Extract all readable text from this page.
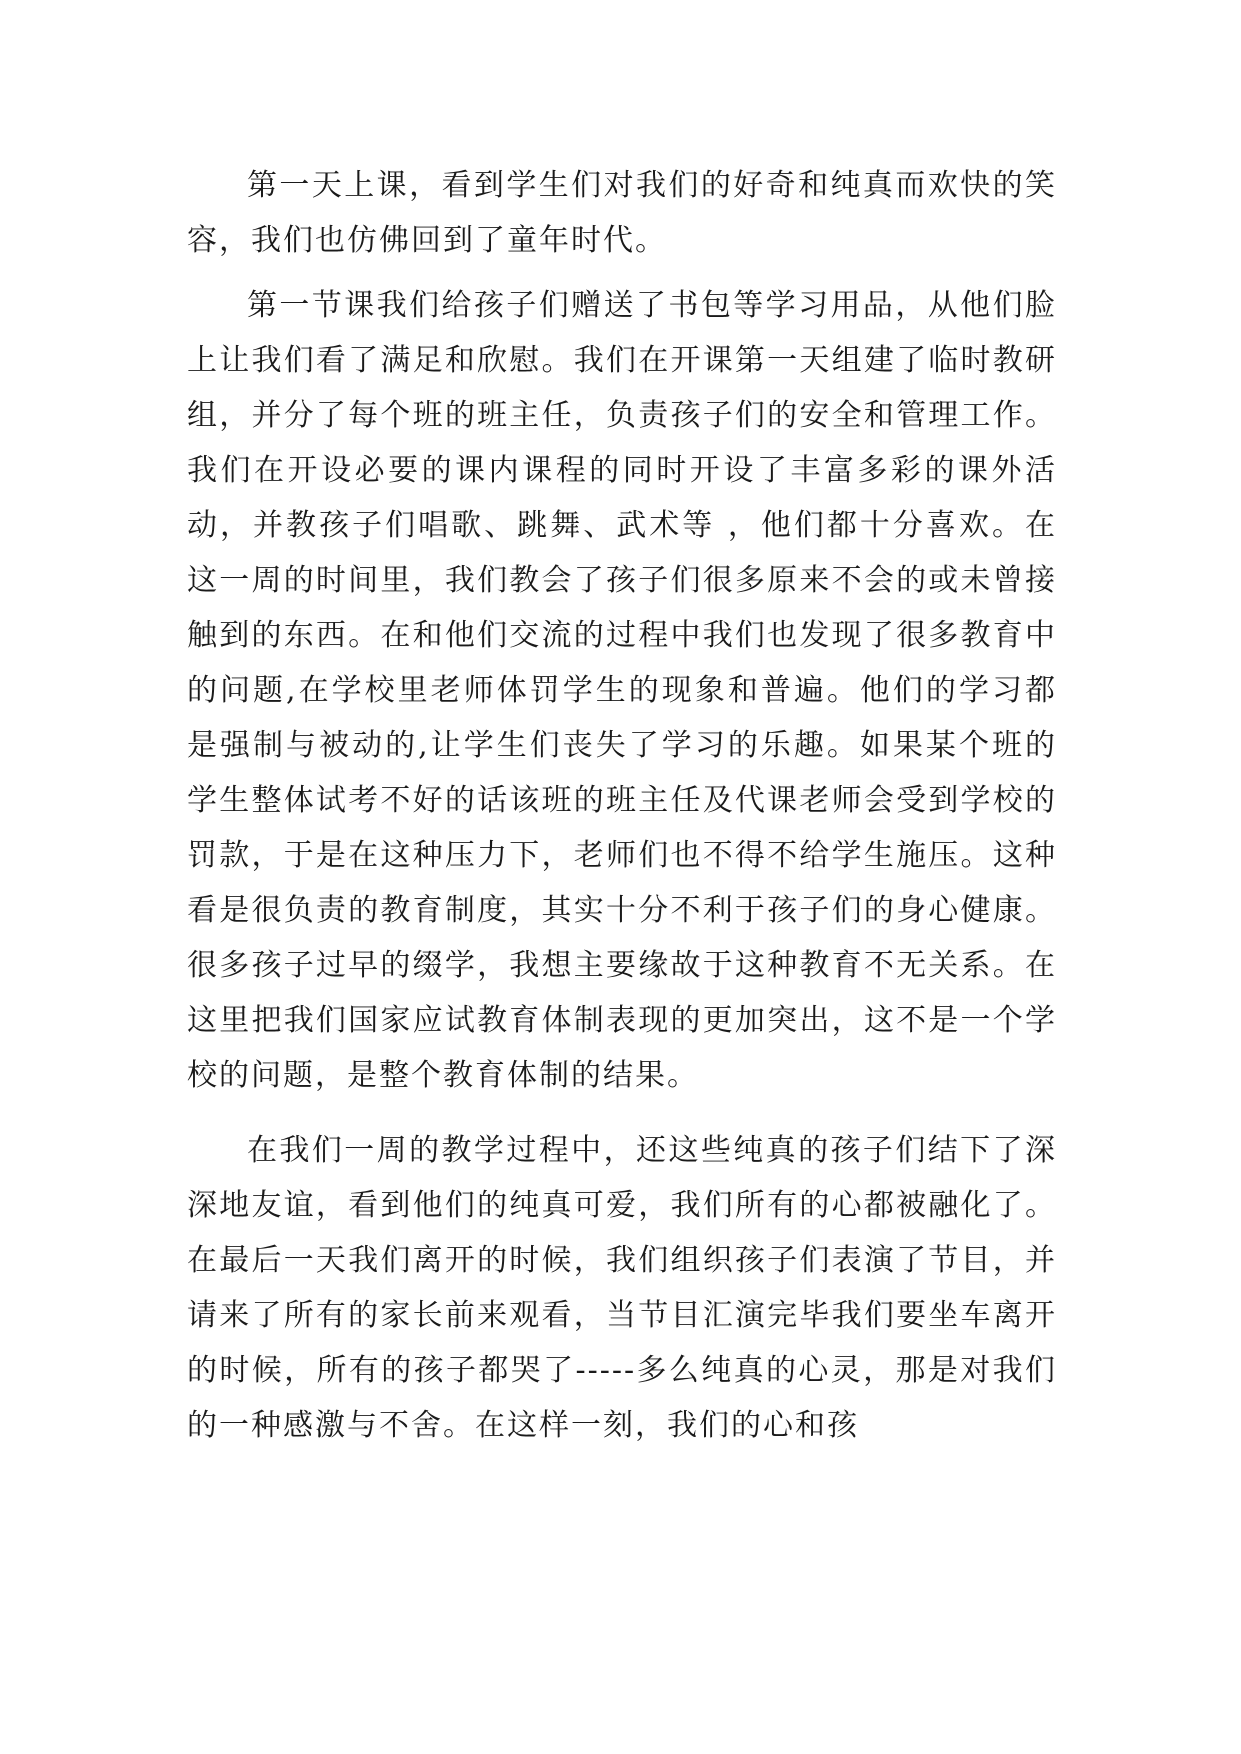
第一天上课，看到学生们对我们的好奇和纯真而欢快的笑容，我们也仿佛回到了童年时代。

第一节课我们给孩子们赠送了书包等学习用品，从他们脸上让我们看了满足和欣慰。我们在开课第一天组建了临时教研组，并分了每个班的班主任，负责孩子们的安全和管理工作。我们在开设必要的课内课程的同时开设了丰富多彩的课外活动，并教孩子们唱歌、跳舞、武术等 ，他们都十分喜欢。在这一周的时间里，我们教会了孩子们很多原来不会的或未曾接触到的东西。在和他们交流的过程中我们也发现了很多教育中的问题,在学校里老师体罚学生的现象和普遍。他们的学习都是强制与被动的,让学生们丧失了学习的乐趣。如果某个班的学生整体试考不好的话该班的班主任及代课老师会受到学校的罚款，于是在这种压力下，老师们也不得不给学生施压。这种看是很负责的教育制度，其实十分不利于孩子们的身心健康。很多孩子过早的缀学，我想主要缘故于这种教育不无关系。在这里把我们国家应试教育体制表现的更加突出，这不是一个学校的问题，是整个教育体制的结果。

在我们一周的教学过程中，还这些纯真的孩子们结下了深深地友谊，看到他们的纯真可爱，我们所有的心都被融化了。在最后一天我们离开的时候，我们组织孩子们表演了节目，并请来了所有的家长前来观看，当节目汇演完毕我们要坐车离开的时候，所有的孩子都哭了-----多么纯真的心灵，那是对我们的一种感激与不舍。在这样一刻，我们的心和孩
